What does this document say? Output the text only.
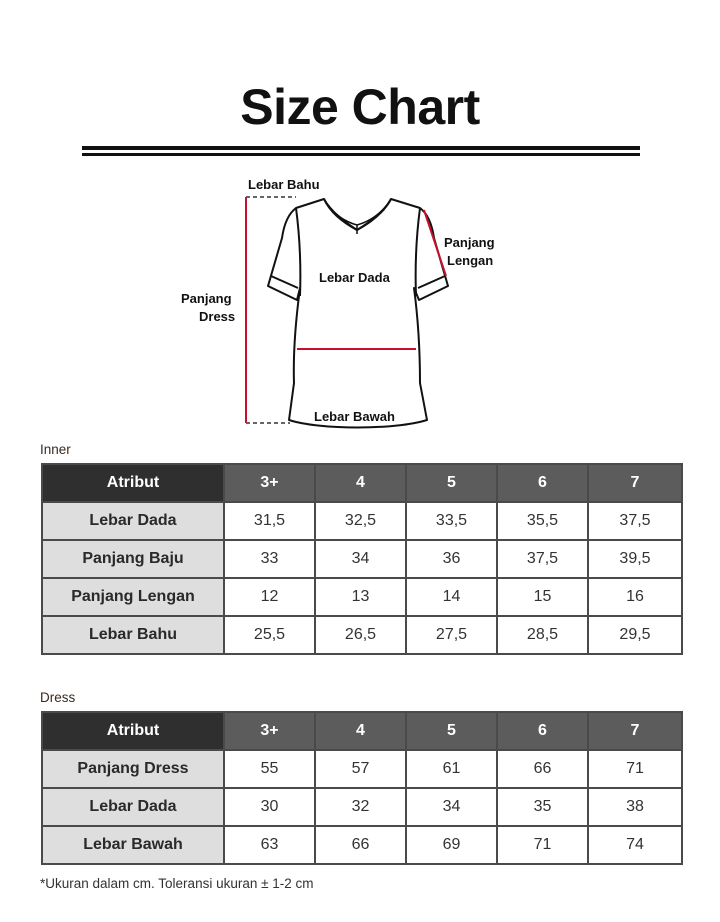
Size Chart
Lebar Bahu
Panjang
Lengan
Lebar Dada
Panjang
Dress
Lebar Bawah
Inner
Atribut	3+	4	5	6	7
Lebar Dada	31,5	32,5	33,5	35,5	37,5
Panjang Baju	33	34	36	37,5	39,5
Panjang Lengan	12	13	14	15	16
Lebar Bahu	25,5	26,5	27,5	28,5	29,5
Dress
Atribut	3+	4	5	6	7
Panjang Dress	55	57	61	66	71
Lebar Dada	30	32	34	35	38
Lebar Bawah	63	66	69	71	74
*Ukuran dalam cm. Toleransi ukuran ± 1-2 cm
